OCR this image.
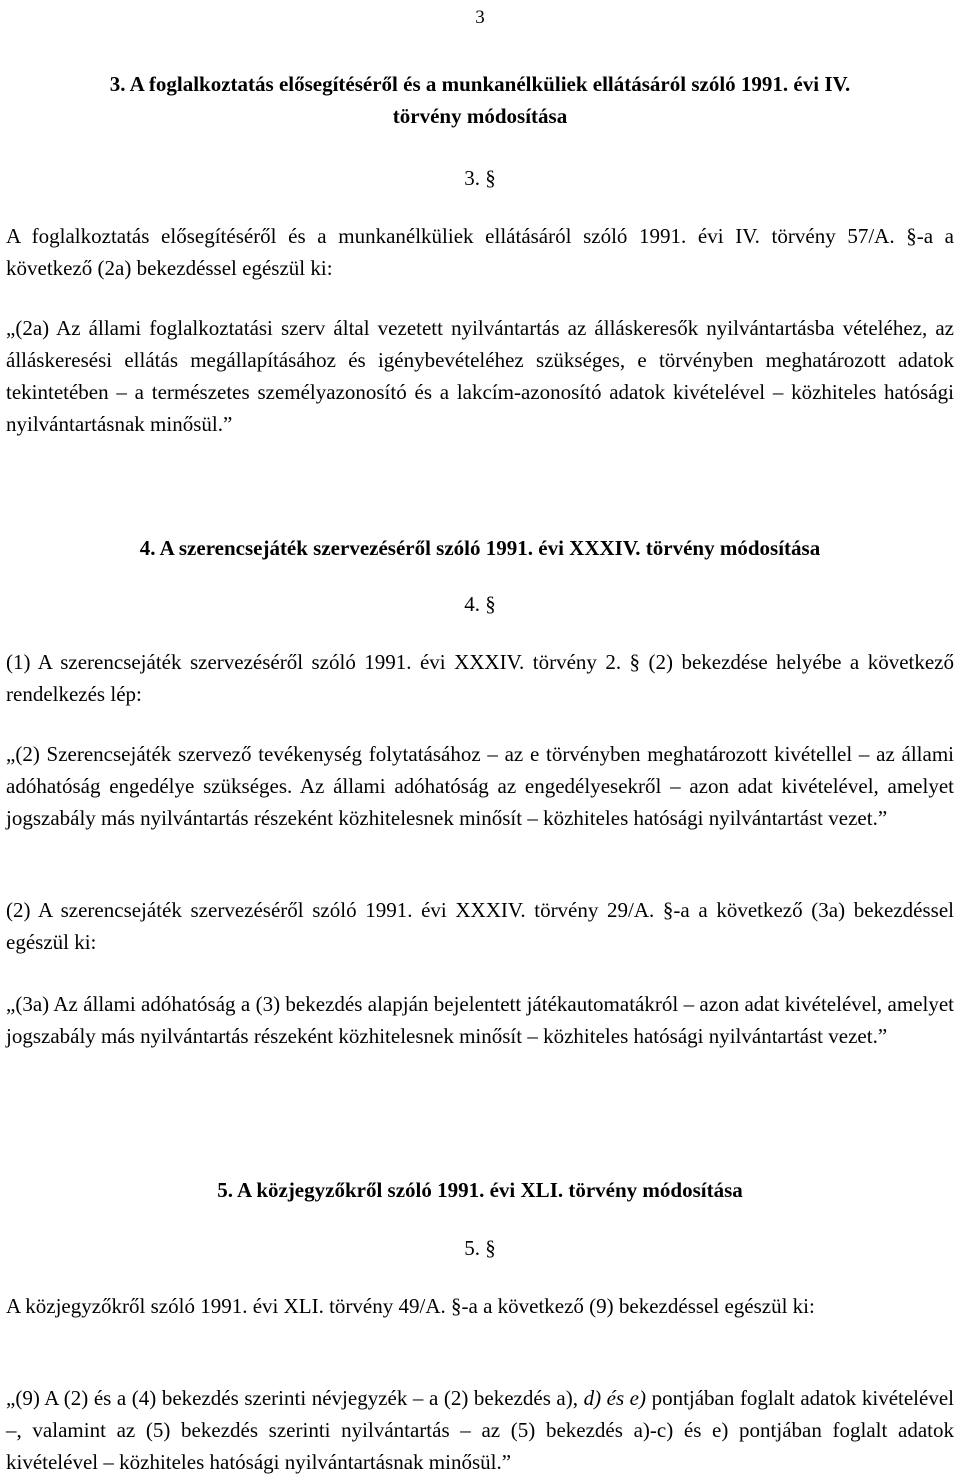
3

3. A foglalkoztatás elősegítéséről és a munkanélküliek ellátásáról szóló 1991. évi IV.

törvény módosítása

3. §

A foglalkoztatás elősegítéséről és a munkanélküliek ellátásáról szóló 1991. évi IV. törvény 57/A. §-a a következő (2a) bekezdéssel egészül ki:

„(2a) Az állami foglalkoztatási szerv által vezetett nyilvántartás az álláskeresők nyilvántartásba vételéhez, az álláskeresési ellátás megállapításához és igénybevételéhez szükséges, e törvényben meghatározott adatok tekintetében – a természetes személyazonosító és a lakcím-azonosító adatok kivételével – közhiteles hatósági nyilvántartásnak minősül.”

4. A szerencsejáték szervezéséről szóló 1991. évi XXXIV. törvény módosítása

4. §

(1) A szerencsejáték szervezéséről szóló 1991. évi XXXIV. törvény 2. § (2) bekezdése helyébe a következő rendelkezés lép:

„(2) Szerencsejáték szervező tevékenység folytatásához – az e törvényben meghatározott kivétellel – az állami adóhatóság engedélye szükséges. Az állami adóhatóság az engedélyesekről – azon adat kivételével, amelyet jogszabály más nyilvántartás részeként közhitelesnek minősít – közhiteles hatósági nyilvántartást vezet.”

(2) A szerencsejáték szervezéséről szóló 1991. évi XXXIV. törvény 29/A. §-a a következő (3a) bekezdéssel egészül ki:

„(3a) Az állami adóhatóság a (3) bekezdés alapján bejelentett játékautomatákról – azon adat kivételével, amelyet jogszabály más nyilvántartás részeként közhitelesnek minősít – közhiteles hatósági nyilvántartást vezet.”

5. A közjegyzőkről szóló 1991. évi XLI. törvény módosítása

5. §

A közjegyzőkről szóló 1991. évi XLI. törvény 49/A. §-a a következő (9) bekezdéssel egészül ki:

„(9) A (2) és a (4) bekezdés szerinti névjegyzék – a (2) bekezdés a), d) és e) pontjában foglalt adatok kivételével –, valamint az (5) bekezdés szerinti nyilvántartás – az (5) bekezdés a)-c) és e) pontjában foglalt adatok kivételével – közhiteles hatósági nyilvántartásnak minősül.”
